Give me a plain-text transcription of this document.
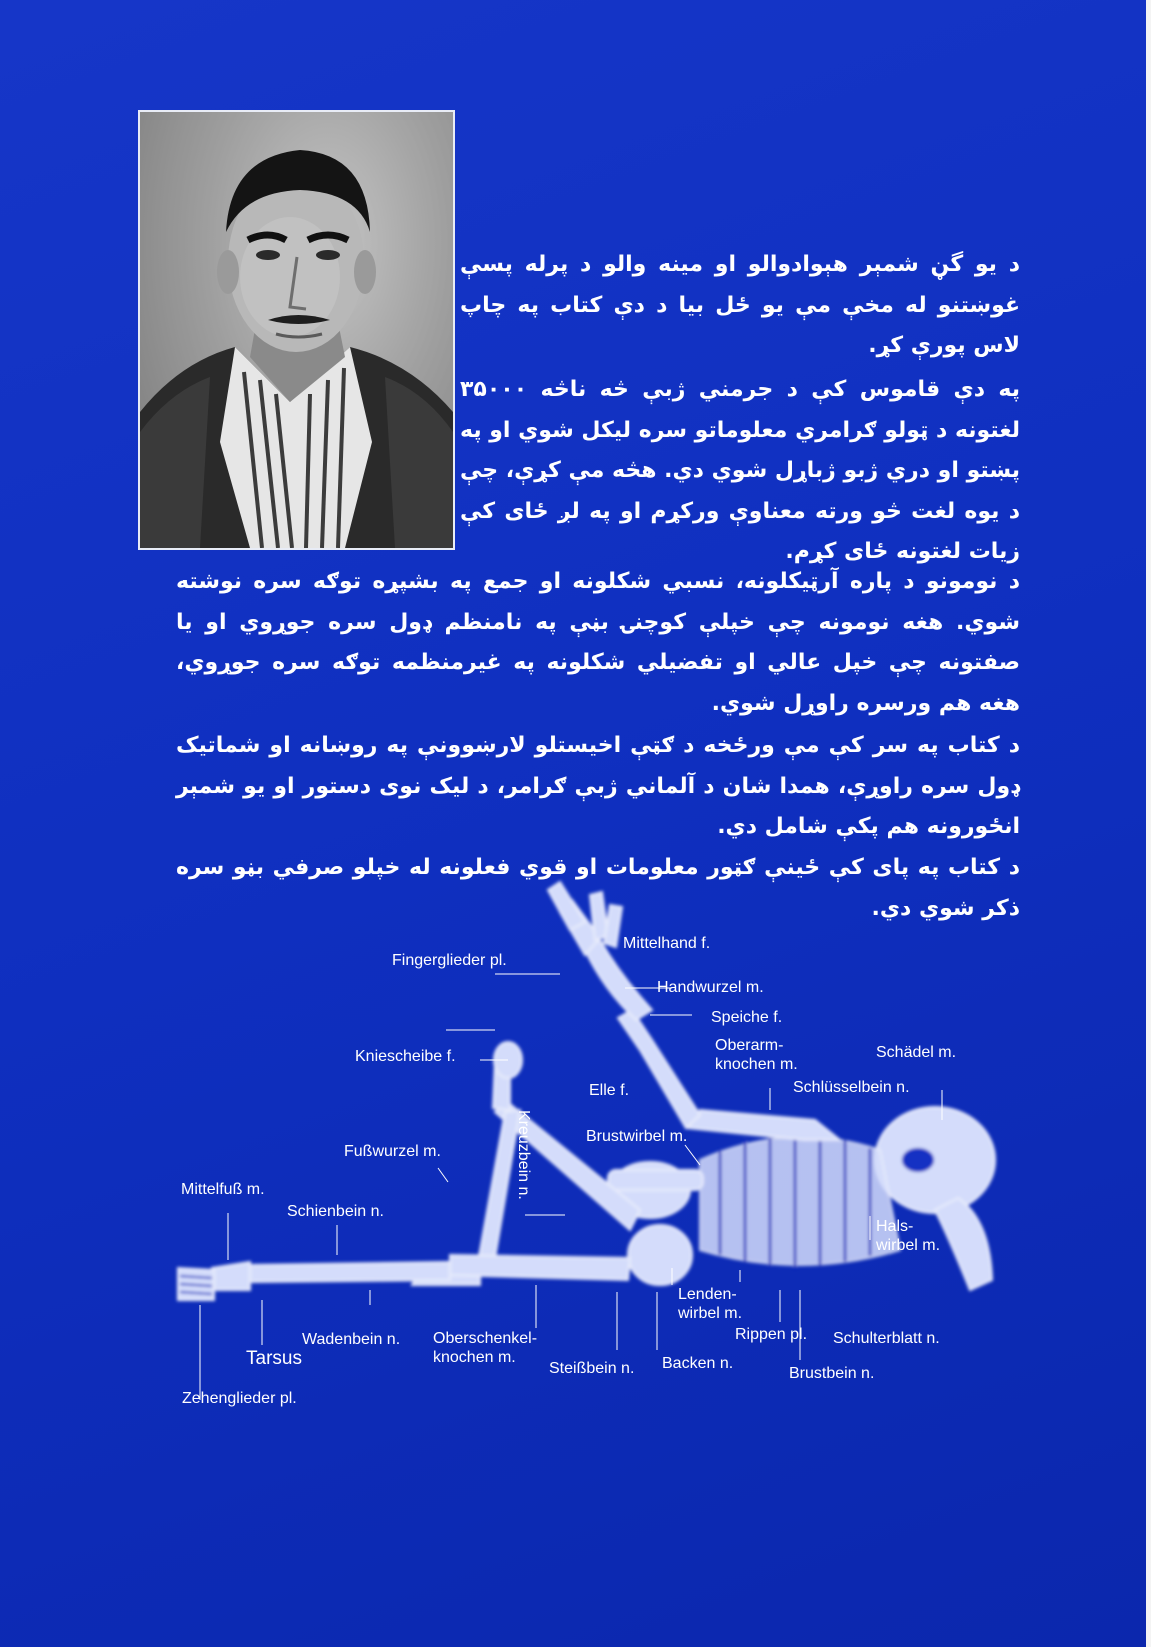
د يو گڼ شمېر هېوادوالو او مينه والو د پرله پسې غوښتنو له مخې مې يو ځل بيا د دې کتاب په چاپ لاس پورې کړ.

په دې قاموس کې د جرمني ژبې څه ناڅه ۳۵۰۰۰ لغتونه د ټولو ګرامري معلوماتو سره ليکل شوي او په پښتو او دري ژبو ژباړل شوي دي. هڅه مې کړې، چې د يوه لغت څو ورته معناوې ورکړم او په لږ ځای کې زيات لغتونه ځای کړم.

د نومونو د پاره آرټيکلونه، نسبي شکلونه او جمع په بشپړه توګه سره نوشته شوي. هغه نومونه چې خپلې کوچنۍ بڼې په نامنظم ډول سره جوړوي او يا صفتونه چې خپل عالي او تفضيلي شکلونه په غيرمنظمه توګه سره جوړوي، هغه هم ورسره راوړل شوي.

د کتاب په سر کې مې ورځخه د ګټې اخيستلو لارښوونې په روښانه او شماتيک ډول سره راوړې، همدا شان د آلماني ژبې ګرامر، د ليک نوی دستور او يو شمېر انځورونه هم پکې شامل دي.

د کتاب په پای کې ځينې ګټور معلومات او قوي فعلونه له خپلو صرفي بڼو سره ذکر شوي دي.

Mittelhand f.
Fingerglieder pl.
Handwurzel m.
Speiche f.
Oberarm-
knochen m.
Schädel m.
Kniescheibe f.
Elle f.	Schlüsselbein n.
Kreuzbein n.	Brustwirbel m.
Fußwurzel m.
Mittelfuß m.
Schienbein n.
Hals-
wirbel m.
Lenden-
wirbel m.
Wadenbein n. Oberschenkel-
knochen m.
Rippen pl. Schulterblatt n.
Tarsus	Steißbein n. Backen n.
Brustbein n.
Zehenglieder pl.
